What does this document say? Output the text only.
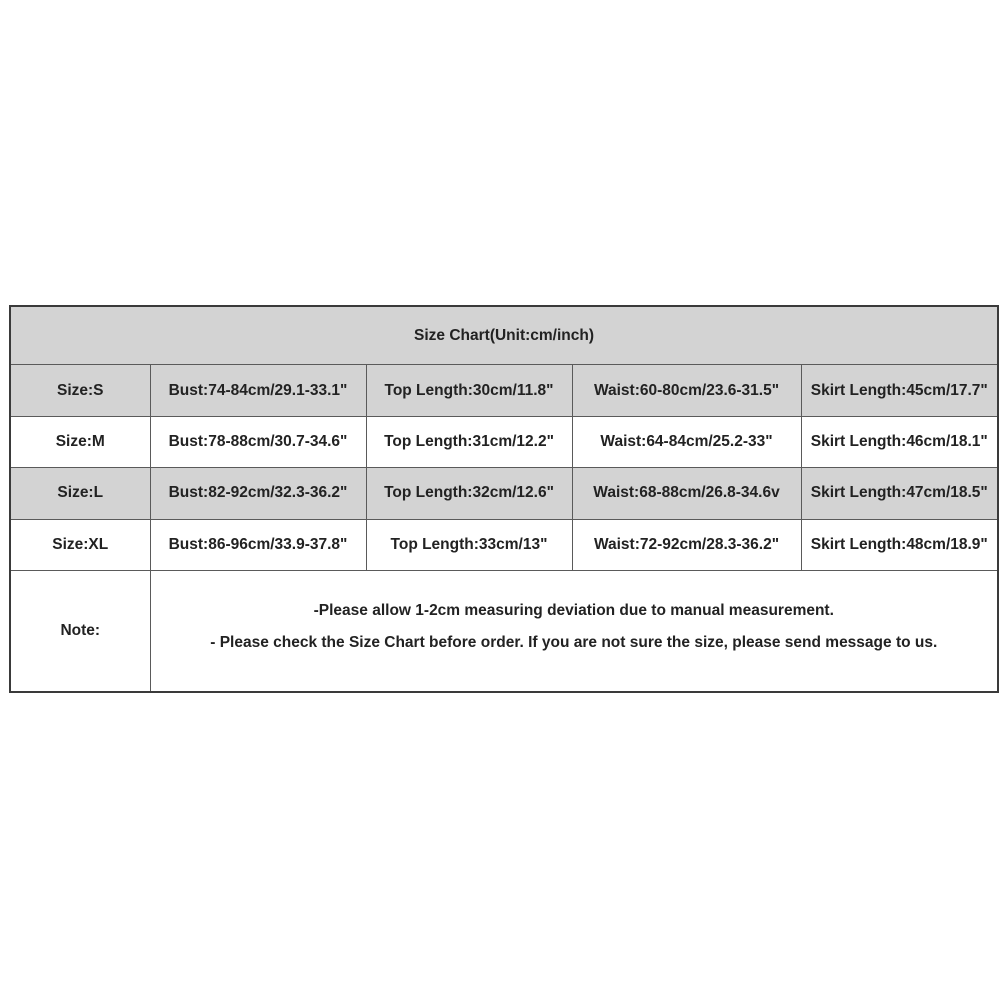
Size Chart(Unit:cm/inch)				
Size:S	Bust:74-84cm/29.1-33.1"	Top Length:30cm/11.8"	Waist:60-80cm/23.6-31.5"	Skirt Length:45cm/17.7"
Size:M	Bust:78-88cm/30.7-34.6"	Top Length:31cm/12.2"	Waist:64-84cm/25.2-33"	Skirt Length:46cm/18.1"
Size:L	Bust:82-92cm/32.3-36.2"	Top Length:32cm/12.6"	Waist:68-88cm/26.8-34.6v	Skirt Length:47cm/18.5"
Size:XL	Bust:86-96cm/33.9-37.8"	Top Length:33cm/13"	Waist:72-92cm/28.3-36.2"	Skirt Length:48cm/18.9"
Note:	-Please allow 1-2cm measuring deviation due to manual measurement.
- Please check the Size Chart before order. If you are not sure the size, please send message to us.			
